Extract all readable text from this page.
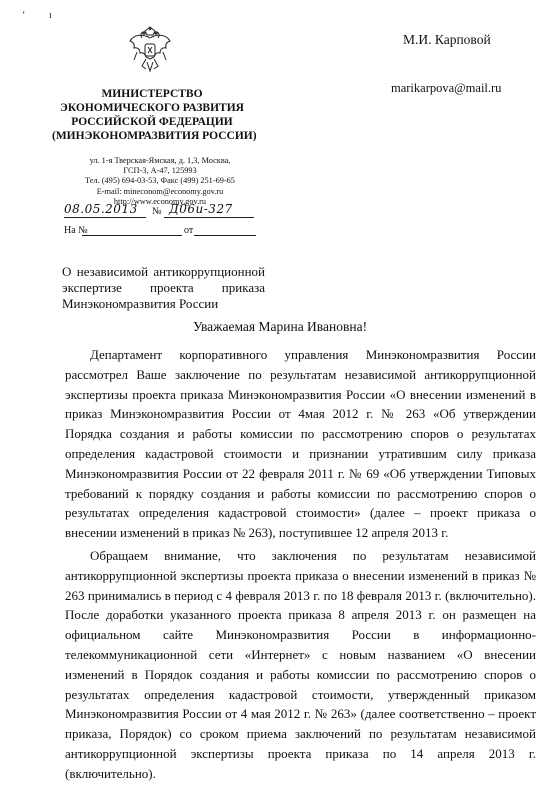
ʻ ı
МИНИСТЕРСТВО
ЭКОНОМИЧЕСКОГО РАЗВИТИЯ
РОССИЙСКОЙ ФЕДЕРАЦИИ
(МИНЭКОНОМРАЗВИТИЯ РОССИИ)
ул. 1-я Тверская-Ямская, д. 1,3, Москва,
ГСП-3, А-47, 125993
Тел. (495) 694-03-53, Факс (499) 251-69-65
E-mail: mineconom@economy.gov.ru
http://www.economy.gov.ru
М.И. Карповой
marikarpova@mail.ru
08.05.2013 № Д06и-327
На №	от
О независимой антикоррупционной
экспертизе проекта приказа
Минэкономразвития России
Уважаемая Марина Ивановна!

Департамент корпоративного управления Минэкономразвития России рассмотрел Ваше заключение по результатам независимой антикоррупционной экспертизы проекта приказа Минэкономразвития России «О внесении изменений в приказ Минэкономразвития России от 4мая 2012 г. № 263 «Об утверждении Порядка создания и работы комиссии по рассмотрению споров о результатах определения кадастровой стоимости и признании утратившим силу приказа Минэкономразвития России от 22 февраля 2011 г. № 69 «Об утверждении Типовых требований к порядку создания и работы комиссии по рассмотрению споров о результатах определения кадастровой стоимости» (далее – проект приказа о внесении изменений в приказ № 263), поступившее 12 апреля 2013 г.

Обращаем внимание, что заключения по результатам независимой антикоррупционной экспертизы проекта приказа о внесении изменений в приказ № 263 принимались в период с 4 февраля 2013 г. по 18 февраля 2013 г. (включительно). После доработки указанного проекта приказа 8 апреля 2013 г. он размещен на официальном сайте Минэкономразвития России в информационно-телекоммуникационной сети «Интернет» с новым названием «О внесении изменений в Порядок создания и работы комиссии по рассмотрению споров о результатах определения кадастровой стоимости, утвержденный приказом Минэкономразвития России от 4 мая 2012 г. № 263» (далее соответственно – проект приказа, Порядок) со сроком приема заключений по результатам независимой антикоррупционной экспертизы проекта приказа по 14 апреля 2013 г. (включительно).
